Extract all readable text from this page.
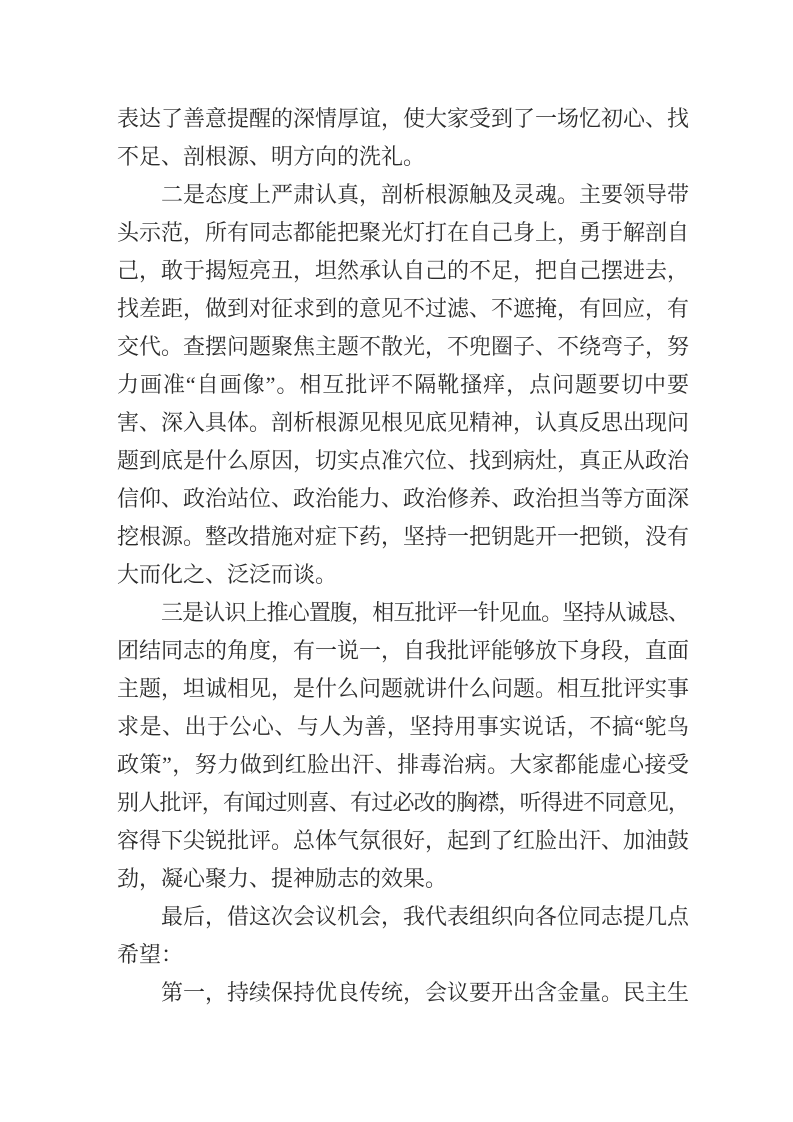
表达了善意提醒的深情厚谊，使大家受到了一场忆初心、找
不足、剖根源、明方向的洗礼。
二是态度上严肃认真，剖析根源触及灵魂。主要领导带
头示范，所有同志都能把聚光灯打在自己身上，勇于解剖自
己，敢于揭短亮丑，坦然承认自己的不足，把自己摆进去，
找差距，做到对征求到的意见不过滤、不遮掩，有回应，有
交代。查摆问题聚焦主题不散光，不兜圈子、不绕弯子，努
力画准“自画像”。相互批评不隔靴搔痒，点问题要切中要
害、深入具体。剖析根源见根见底见精神，认真反思出现问
题到底是什么原因，切实点准穴位、找到病灶，真正从政治
信仰、政治站位、政治能力、政治修养、政治担当等方面深
挖根源。整改措施对症下药，坚持一把钥匙开一把锁，没有
大而化之、泛泛而谈。
三是认识上推心置腹，相互批评一针见血。坚持从诚恳、
团结同志的角度，有一说一，自我批评能够放下身段，直面
主题，坦诚相见，是什么问题就讲什么问题。相互批评实事
求是、出于公心、与人为善，坚持用事实说话，不搞“鸵鸟
政策”，努力做到红脸出汗、排毒治病。大家都能虚心接受
别人批评，有闻过则喜、有过必改的胸襟，听得进不同意见，
容得下尖锐批评。总体气氛很好，起到了红脸出汗、加油鼓
劲，凝心聚力、提神励志的效果。
最后，借这次会议机会，我代表组织向各位同志提几点
希望：
第一，持续保持优良传统，会议要开出含金量。民主生
